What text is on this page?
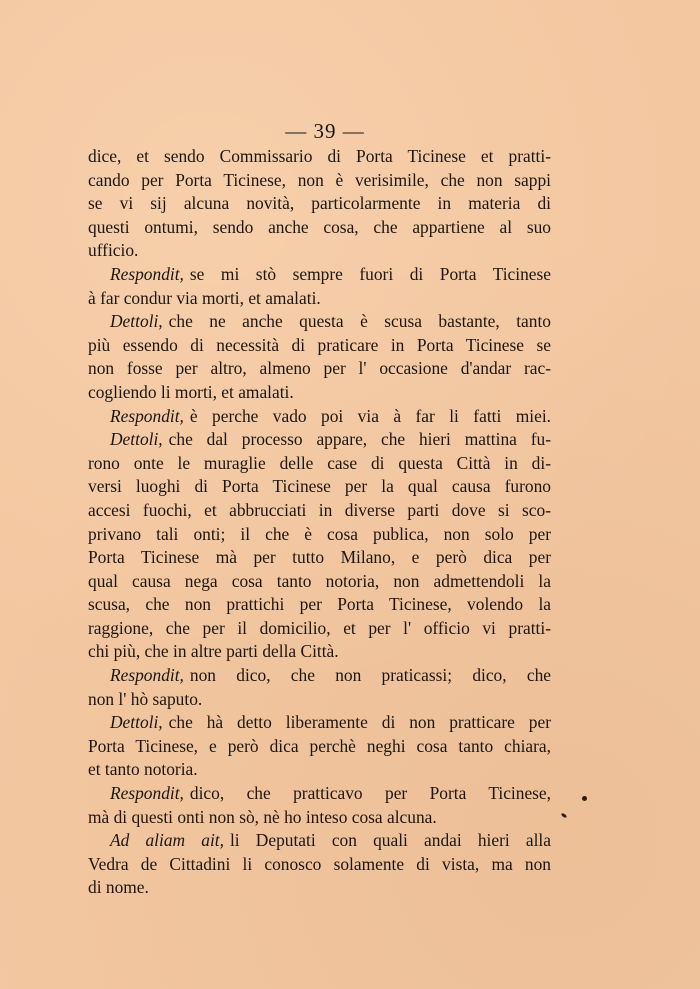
— 39 —
dice, et sendo Commissario di Porta Ticinese et pratti-
cando per Porta Ticinese, non è verisimile, che non sappi
se vi sij alcuna novità, particolarmente in materia di
questi ontumi, sendo anche cosa, che appartiene al suo
ufficio.
Respondit, se mi stò sempre fuori di Porta Ticinese
à far condur via morti, et amalati.
Dettoli, che ne anche questa è scusa bastante, tanto
più essendo di necessità di praticare in Porta Ticinese se
non fosse per altro, almeno per l' occasione d'andar rac-
cogliendo li morti, et amalati.
Respondit, è perche vado poi via à far li fatti miei.
Dettoli, che dal processo appare, che hieri mattina fu-
rono onte le muraglie delle case di questa Città in di-
versi luoghi di Porta Ticinese per la qual causa furono
accesi fuochi, et abbrucciati in diverse parti dove si sco-
privano tali onti; il che è cosa publica, non solo per
Porta Ticinese mà per tutto Milano, e però dica per
qual causa nega cosa tanto notoria, non admettendoli la
scusa, che non prattichi per Porta Ticinese, volendo la
raggione, che per il domicilio, et per l' officio vi pratti-
chi più, che in altre parti della Città.
Respondit, non dico, che non praticassi; dico, che
non l' hò saputo.
Dettoli, che hà detto liberamente di non pratticare per
Porta Ticinese, e però dica perchè neghi cosa tanto chiara,
et tanto notoria.
Respondit, dico, che pratticavo per Porta Ticinese,
mà di questi onti non sò, nè ho inteso cosa alcuna.
Ad aliam ait, li Deputati con quali andai hieri alla
Vedra de Cittadini li conosco solamente di vista, ma non
di nome.
